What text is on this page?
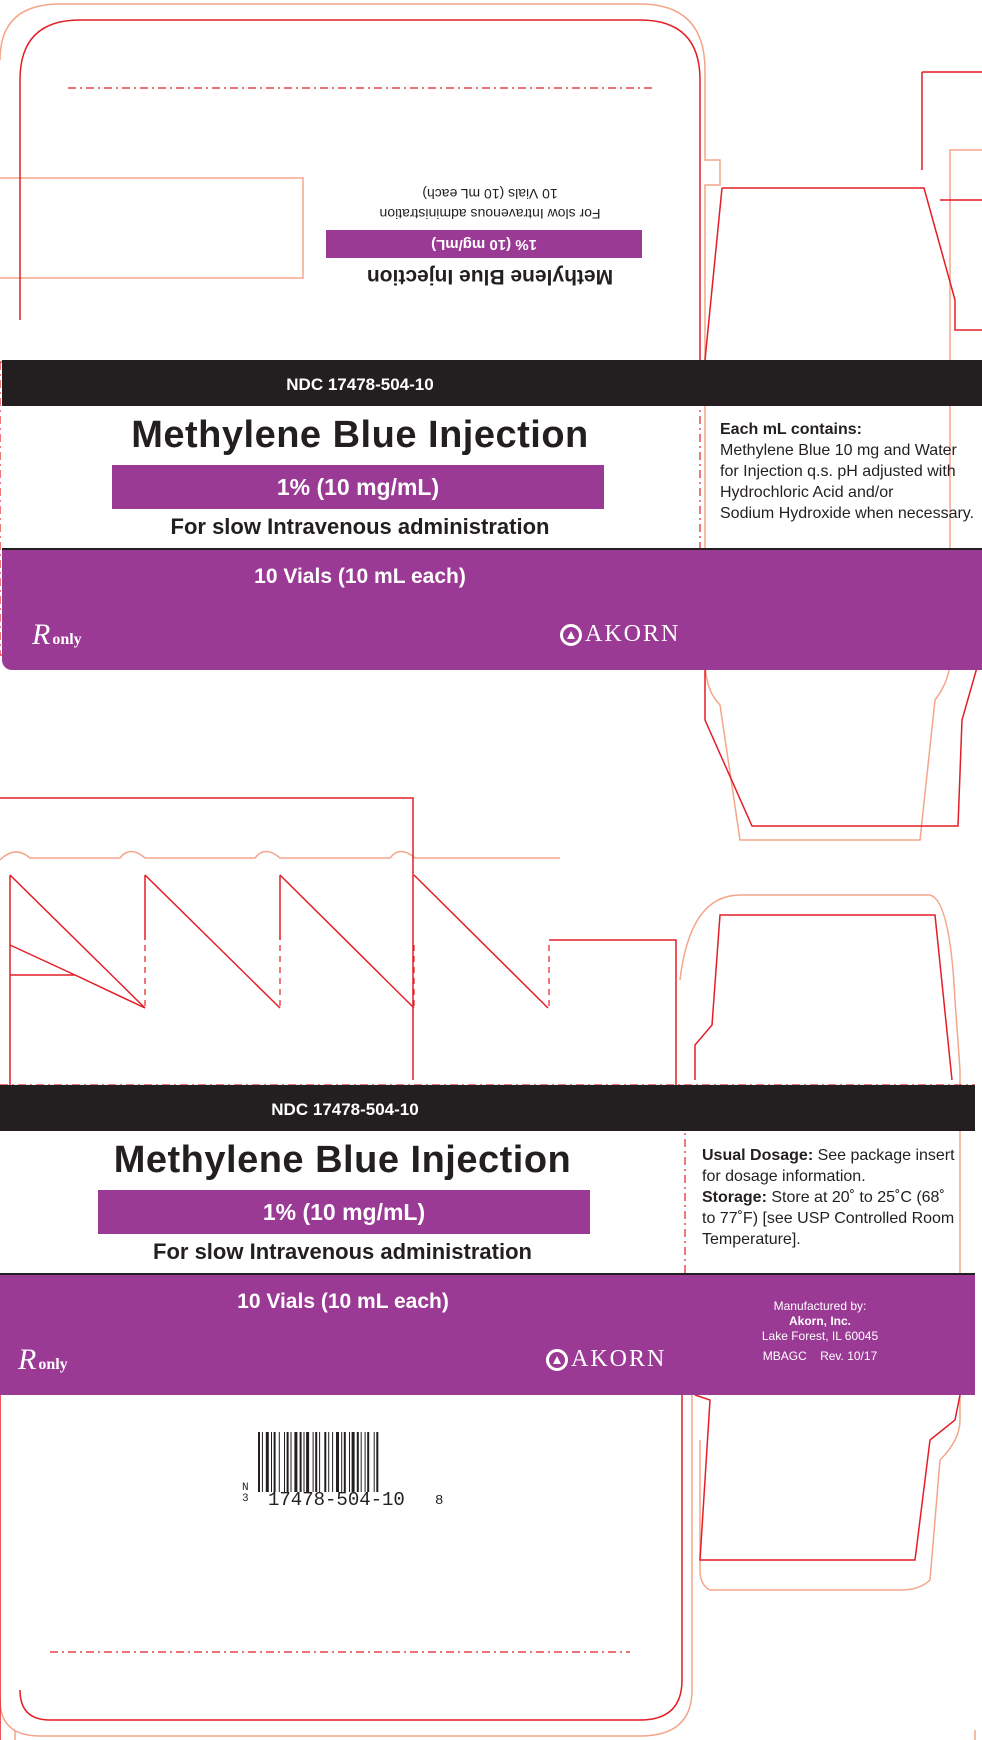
Methylene Blue Injection
1% (10 mg/mL)
For slow Intravenous administration
10 Vials (10 mL each)
NDC 17478-504-10
Methylene Blue Injection
1% (10 mg/mL)
For slow Intravenous administration
Each mL contains:
Methylene Blue 10 mg and Water
for Injection q.s. pH adjusted with
Hydrochloric Acid and/or
Sodium Hydroxide when necessary.
10 Vials (10 mL each)
Ronly	AKORN
NDC 17478-504-10
Methylene Blue Injection
1% (10 mg/mL)
For slow Intravenous administration
Usual Dosage: See package insert
for dosage information.
Storage: Store at 20˚ to 25˚C (68˚
to 77˚F) [see USP Controlled Room
Temperature].
10 Vials (10 mL each)
Ronly	AKORN
Manufactured by:
Akorn, Inc.
Lake Forest, IL 60045
MBAGC Rev. 10/17
N
3 17478-504-10 8
